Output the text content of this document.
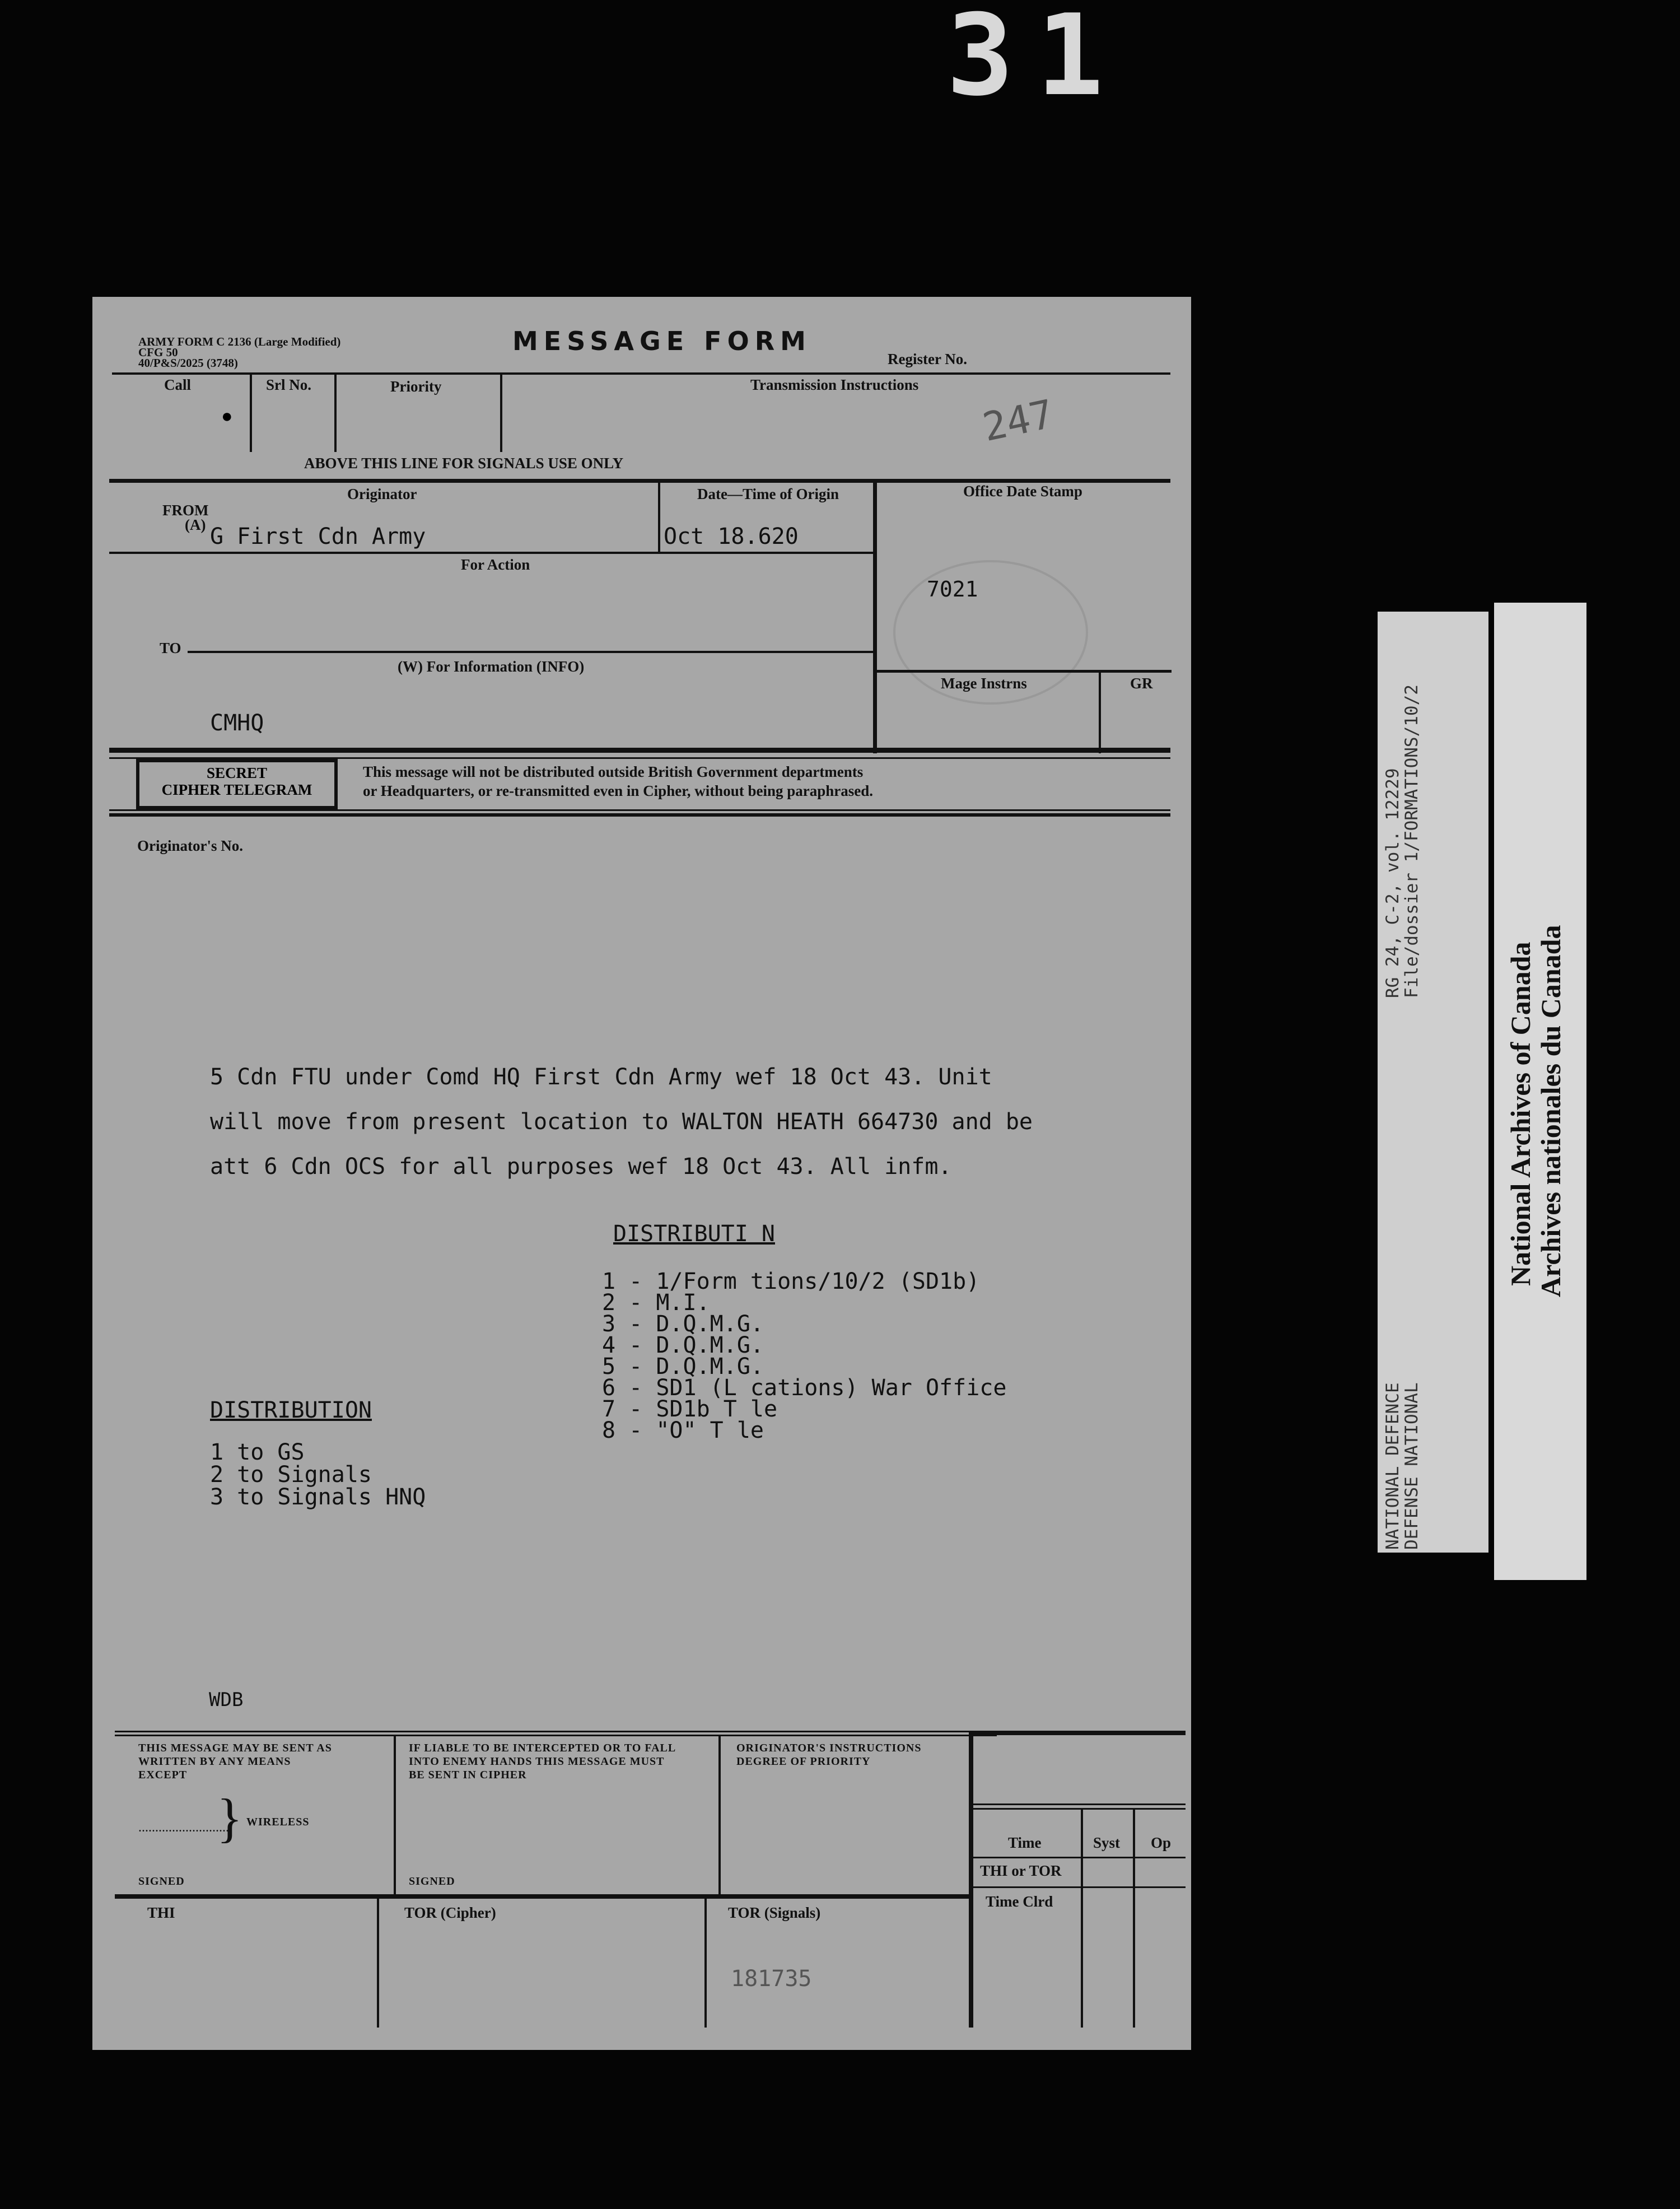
31
ARMY FORM C 2136 (Large Modified)
CFG 50
40/P&S/2025 (3748)
MESSAGE FORM
Register No.
Call	Srl No.	Priority	Transmission Instructions
247
●
ABOVE THIS LINE FOR SIGNALS USE ONLY
Originator
FROM
(A) G First Cdn Army
Date—Time of Origin
Oct 18.620
Office Date Stamp
7021
For Action
TO
(W) For Information (INFO)
CMHQ
Mage Instrns	GR
SECRET
CIPHER TELEGRAM
This message will not be distributed outside British Government departments
or Headquarters, or re-transmitted even in Cipher, without being paraphrased.
Originator's No.
5 Cdn FTU under Comd HQ First Cdn Army wef 18 Oct 43. Unit
will move from present location to WALTON HEATH 664730 and be
att 6 Cdn OCS for all purposes wef 18 Oct 43. All infm.
DISTRIBUTI N
1 - 1/Form tions/10/2 (SD1b)
2 - M.I.
3 - D.Q.M.G.
4 - D.Q.M.G.
5 - D.Q.M.G.
6 - SD1 (L cations) War Office
7 - SD1b T le
8 - "O" T le
DISTRIBUTION
1 to GS
2 to Signals
3 to Signals HNQ
WDB
THIS MESSAGE MAY BE SENT AS
WRITTEN BY ANY MEANS
EXCEPT
...........................
} WIRELESS
SIGNED
IF LIABLE TO BE INTERCEPTED OR TO FALL
INTO ENEMY HANDS THIS MESSAGE MUST
BE SENT IN CIPHER
SIGNED
ORIGINATOR'S INSTRUCTIONS
DEGREE OF PRIORITY
Time	Syst Op
THI or TOR
Time Clrd
THI	TOR (Cipher)	TOR (Signals)
181735
RG 24, C-2, vol. 12229
File/dossier 1/FORMATIONS/10/2
NATIONAL DEFENCE
DEFENSE NATIONAL
National Archives of Canada
Archives nationales du Canada
